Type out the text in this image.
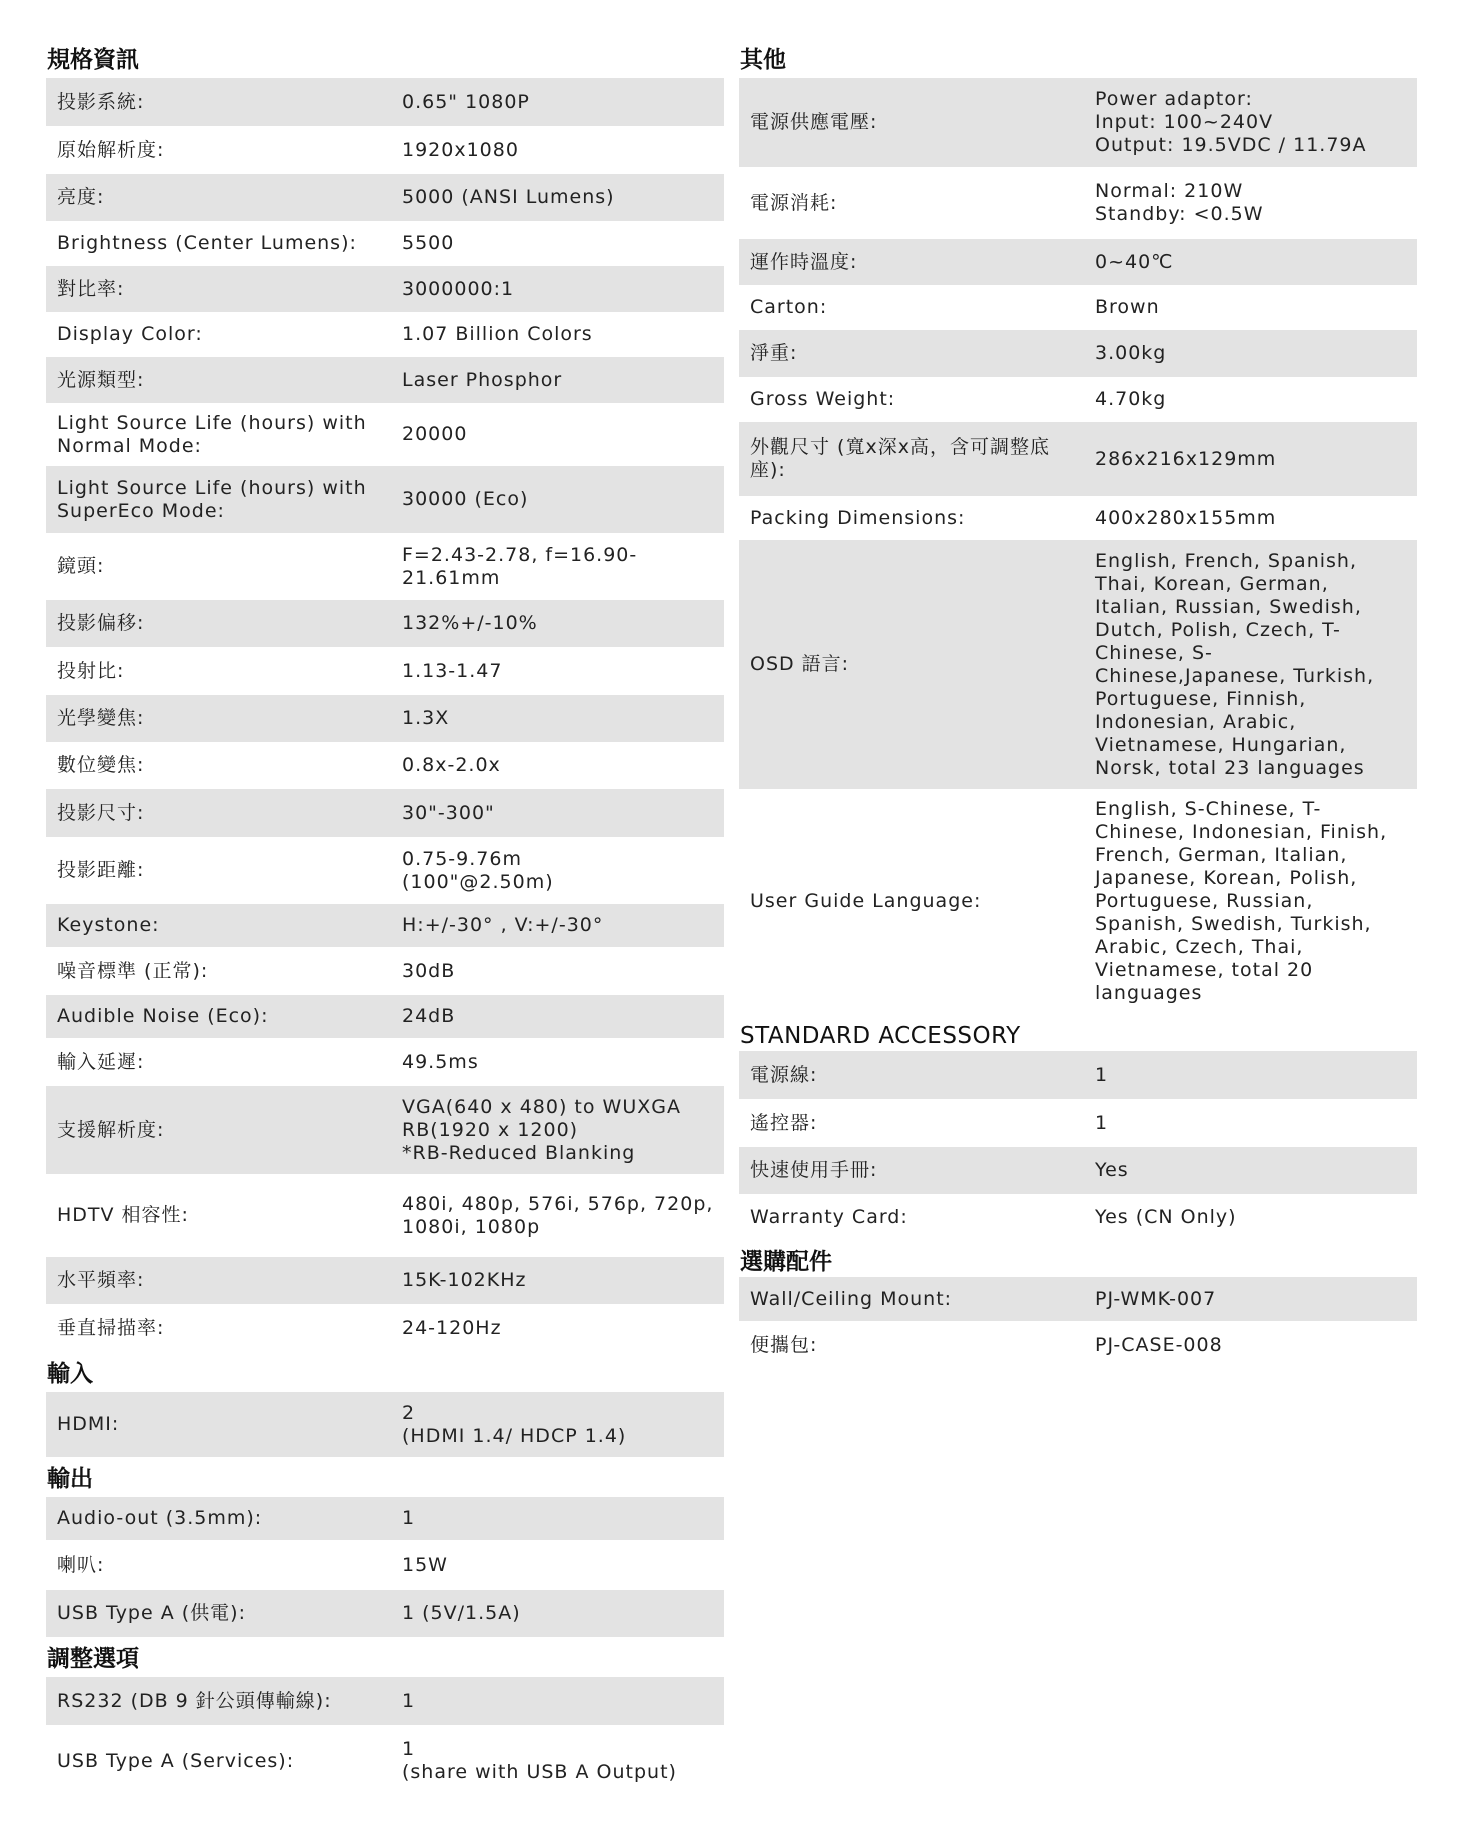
規格資訊
投影系統:	0.65" 1080P
原始解析度:	1920x1080
亮度:	5000 (ANSI Lumens)
Brightness (Center Lumens):	5500
對比率:	3000000:1
Display Color:	1.07 Billion Colors
光源類型:	Laser Phosphor
Light Source Life (hours) with
Normal Mode:
20000
Light Source Life (hours) with
SuperEco Mode:
30000 (Eco)
鏡頭:
F=2.43-2.78, f=16.90-
21.61mm
投影偏移:	132%+/-10%
投射比:	1.13-1.47
光學變焦:	1.3X
數位變焦:	0.8x-2.0x
投影尺寸:	30"-300"
投影距離:
0.75-9.76m
(100"@2.50m)
Keystone:	H:+/-30° , V:+/-30°
噪音標準 (正常):	30dB
Audible Noise (Eco):	24dB
輸入延遲:	49.5ms
支援解析度:
VGA(640 x 480) to WUXGA
RB(1920 x 1200)
*RB-Reduced Blanking
HDTV 相容性:
480i, 480p, 576i, 576p, 720p,
1080i, 1080p
水平頻率:	15K-102KHz
垂直掃描率:	24-120Hz
輸入
HDMI:
2
(HDMI 1.4/ HDCP 1.4)
輸出
Audio-out (3.5mm):	1
喇叭:	15W
USB Type A (供電):	1 (5V/1.5A)
調整選項
RS232 (DB 9 針公頭傳輸線):	1
USB Type A (Services):
1
(share with USB A Output)
其他
電源供應電壓:
Power adaptor:
Input: 100~240V
Output: 19.5VDC / 11.79A
電源消耗:
Normal: 210W
Standby: <0.5W
運作時溫度:	0~40℃
Carton:	Brown
淨重:	3.00kg
Gross Weight:	4.70kg
外觀尺寸 (寬x深x高，含可調整底
座):
286x216x129mm
Packing Dimensions:	400x280x155mm
OSD 語言:
English, French, Spanish,
Thai, Korean, German,
Italian, Russian, Swedish,
Dutch, Polish, Czech, T-
Chinese, S-
Chinese,Japanese, Turkish,
Portuguese, Finnish,
Indonesian, Arabic,
Vietnamese, Hungarian,
Norsk, total 23 languages
User Guide Language:
English, S-Chinese, T-
Chinese, Indonesian, Finish,
French, German, Italian,
Japanese, Korean, Polish,
Portuguese, Russian,
Spanish, Swedish, Turkish,
Arabic, Czech, Thai,
Vietnamese, total 20
languages
STANDARD ACCESSORY
電源線:	1
遙控器:	1
快速使用手冊:	Yes
Warranty Card:	Yes (CN Only)
選購配件
Wall/Ceiling Mount:	PJ-WMK-007
便攜包:	PJ-CASE-008
